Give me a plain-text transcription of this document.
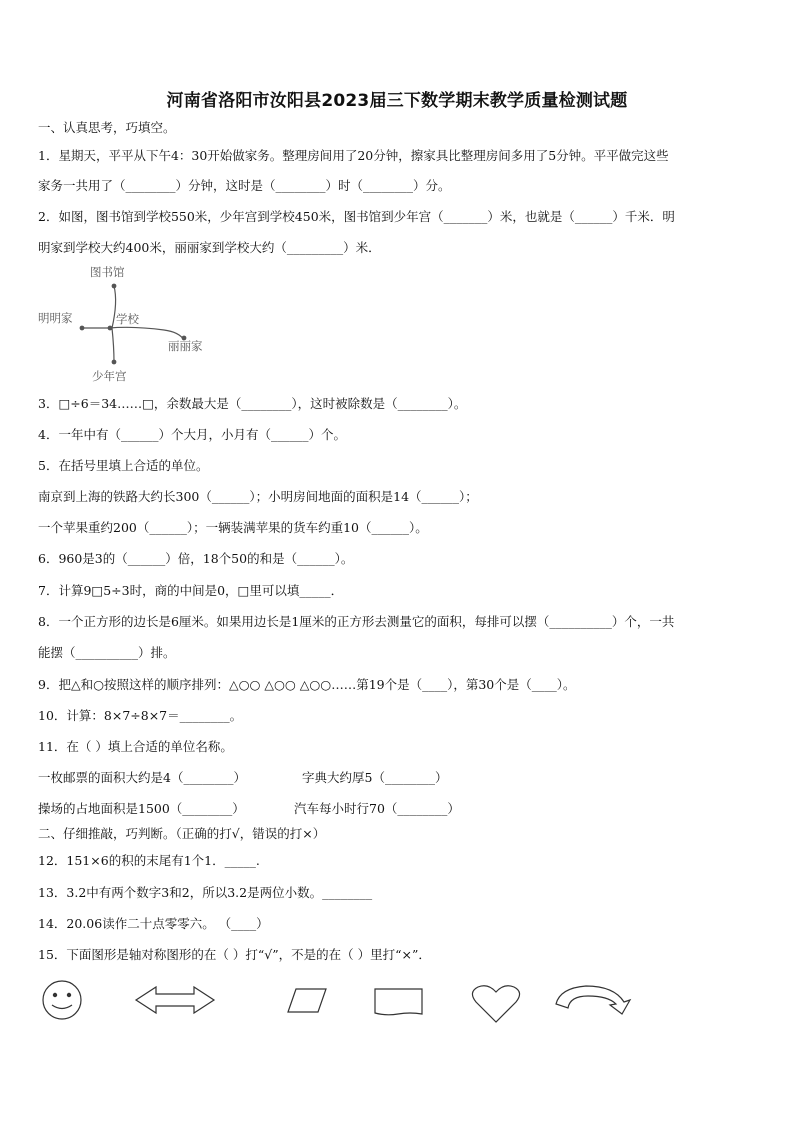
河南省洛阳市汝阳县2023届三下数学期末教学质量检测试题
一、认真思考，巧填空。
1．星期天，平平从下午4：30开始做家务。整理房间用了20分钟，擦家具比整理房间多用了5分钟。平平做完这些
家务一共用了（________）分钟，这时是（________）时（________）分。
2．如图，图书馆到学校550米，少年宫到学校450米，图书馆到少年宫（_______）米，也就是（______）千米．明
明家到学校大约400米，丽丽家到学校大约（_________）米．
图书馆
明明家	学校
丽丽家
少年宫
3．□÷6＝34……□，余数最大是（________），这时被除数是（________）。
4．一年中有（______）个大月，小月有（______）个。
5．在括号里填上合适的单位。
南京到上海的铁路大约长300（______）；小明房间地面的面积是14（______）；
一个苹果重约200（______）；一辆装满苹果的货车约重10（______）。
6．960是3的（______）倍，18个50的和是（______）。
7．计算9□5÷3时，商的中间是0，□里可以填_____．
8．一个正方形的边长是6厘米。如果用边长是1厘米的正方形去测量它的面积，每排可以摆（__________）个，一共
能摆（__________）排。
9．把△和○按照这样的顺序排列：△○○ △○○ △○○……第19个是（____），第30个是（____）。
10．计算：8×7÷8×7＝________。
11．在（ ）填上合适的单位名称。
一枚邮票的面积大约是4（________）	字典大约厚5（________）
操场的占地面积是1500（________）	汽车每小时行70（________）
二、仔细推敲，巧判断。（正确的打√，错误的打×）
12．151×6的积的末尾有1个1．_____.
13．3.2中有两个数字3和2，所以3.2是两位小数。________
14．20.06读作二十点零零六。 （____）
15．下面图形是轴对称图形的在（ ）打“√”，不是的在（ ）里打“×”．
